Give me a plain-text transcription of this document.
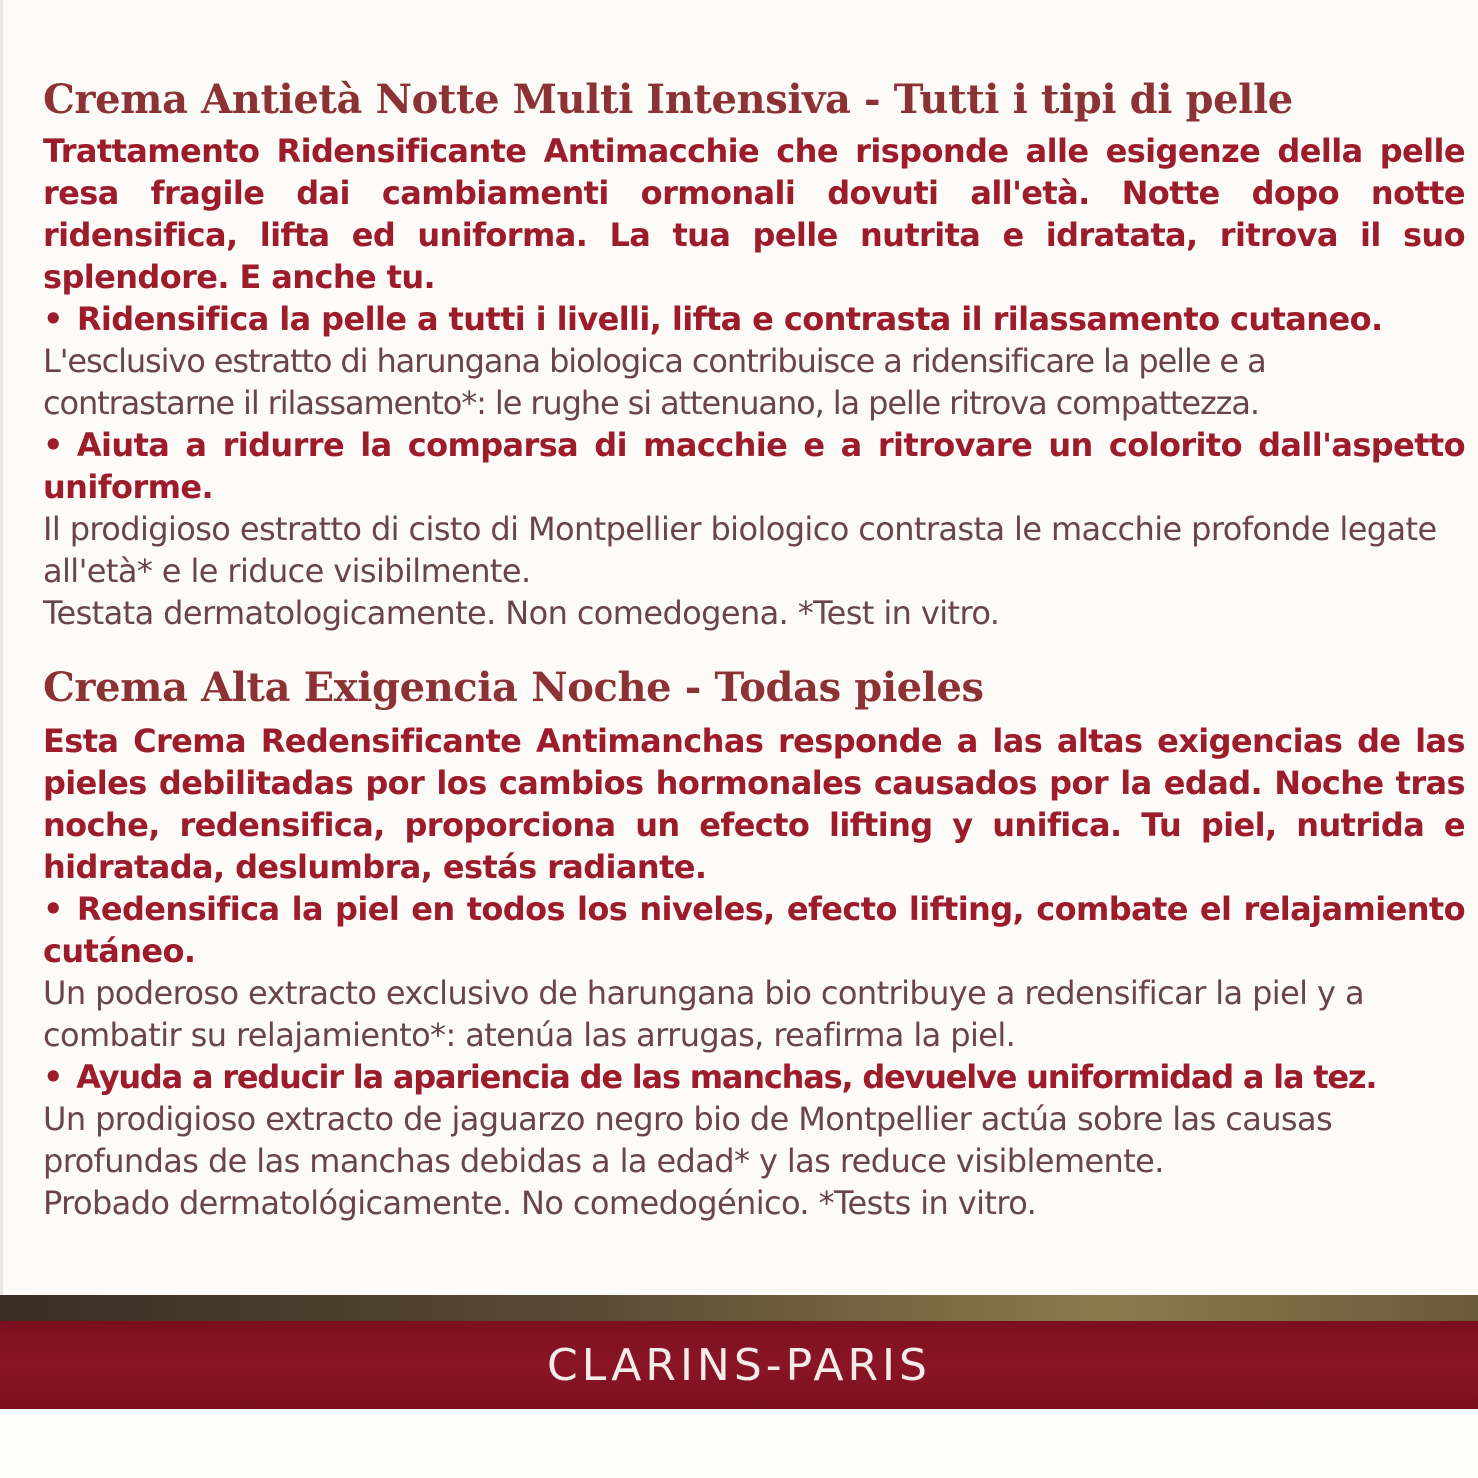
Crema Antietà Notte Multi Intensiva - Tutti i tipi di pelle

Trattamento Ridensificante Antimacchie che risponde alle esigenze della pelle resa fragile dai cambiamenti ormonali dovuti all'età. Notte dopo notte ridensifica, lifta ed uniforma. La tua pelle nutrita e idratata, ritrova il suo splendore. E anche tu.

• Ridensifica la pelle a tutti i livelli, lifta e contrasta il rilassamento cutaneo.

L'esclusivo estratto di harungana biologica contribuisce a ridensificare la pelle e a contrastarne il rilassamento*: le rughe si attenuano, la pelle ritrova compattezza.

• Aiuta a ridurre la comparsa di macchie e a ritrovare un colorito dall'aspetto uniforme.

Il prodigioso estratto di cisto di Montpellier biologico contrasta le macchie profonde legate all'età* e le riduce visibilmente.

Testata dermatologicamente. Non comedogena. *Test in vitro.

Crema Alta Exigencia Noche - Todas pieles

Esta Crema Redensificante Antimanchas responde a las altas exigencias de las pieles debilitadas por los cambios hormonales causados por la edad. Noche tras noche, redensifica, proporciona un efecto lifting y unifica. Tu piel, nutrida e hidratada, deslumbra, estás radiante.

• Redensifica la piel en todos los niveles, efecto lifting, combate el relajamiento cutáneo.

Un poderoso extracto exclusivo de harungana bio contribuye a redensificar la piel y a combatir su relajamiento*: atenúa las arrugas, reafirma la piel.

• Ayuda a reducir la apariencia de las manchas, devuelve uniformidad a la tez.

Un prodigioso extracto de jaguarzo negro bio de Montpellier actúa sobre las causas profundas de las manchas debidas a la edad* y las reduce visiblemente.

Probado dermatológicamente. No comedogénico. *Tests in vitro.

CLARINS-PARIS
